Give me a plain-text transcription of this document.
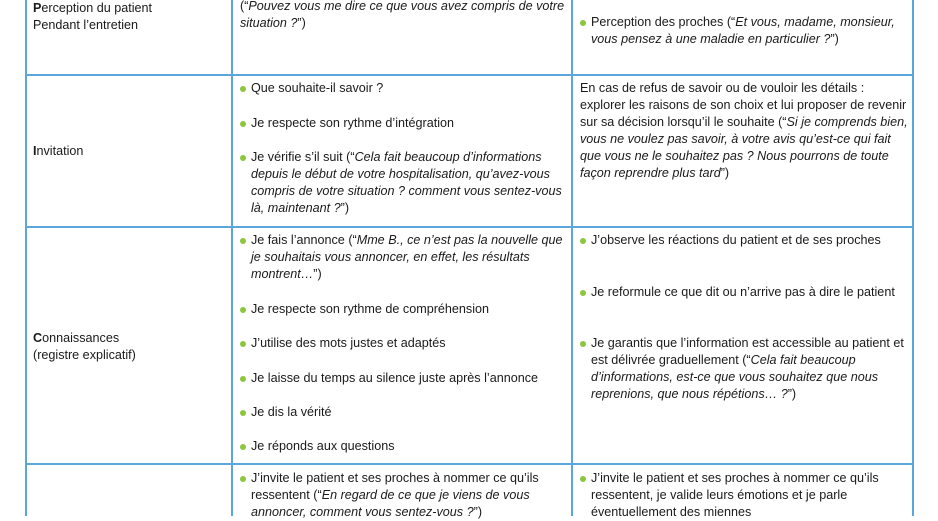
Perception du patient
Pendant l’entretien
(“Pouvez vous me dire ce que vous avez compris de votre situation ?”)	Perception des proches (“Et vous, madame, monsieur, vous pensez à une maladie en particulier ?”)
Invitation
Que souhaite-il savoir ?
Je respecte son rythme d’intégration
Je vérifie s’il suit (“Cela fait beaucoup d’informations depuis le début de votre hospitalisation, qu’avez-vous compris de votre situation ? comment vous sentez-vous là, maintenant ?”)
En cas de refus de savoir ou de vouloir les détails : explorer les raisons de son choix et lui proposer de revenir sur sa décision lorsqu’il le souhaite (“Si je comprends bien, vous ne voulez pas savoir, à votre avis qu’est-ce qui fait que vous ne le souhaitez pas ? Nous pourrons de toute façon reprendre plus tard”)
Connaissances
(registre explicatif)
Je fais l’annonce (“Mme B., ce n’est pas la nouvelle que je souhaitais vous annoncer, en effet, les résultats montrent…”)
Je respecte son rythme de compréhension
J’utilise des mots justes et adaptés
Je laisse du temps au silence juste après l’annonce
Je dis la vérité
Je réponds aux questions
J’observe les réactions du patient et de ses proches
Je reformule ce que dit ou n’arrive pas à dire le patient
Je garantis que l’information est accessible au patient et est délivrée graduellement (“Cela fait beaucoup d’informations, est-ce que vous souhaitez que nous reprenions, que nous répétions… ?”)
J’invite le patient et ses proches à nommer ce qu’ils ressentent (“En regard de ce que je viens de vous annoncer, comment vous sentez-vous ?”)
J’invite le patient et ses proches à nommer ce qu’ils ressentent, je valide leurs émotions et je parle éventuellement des miennes
